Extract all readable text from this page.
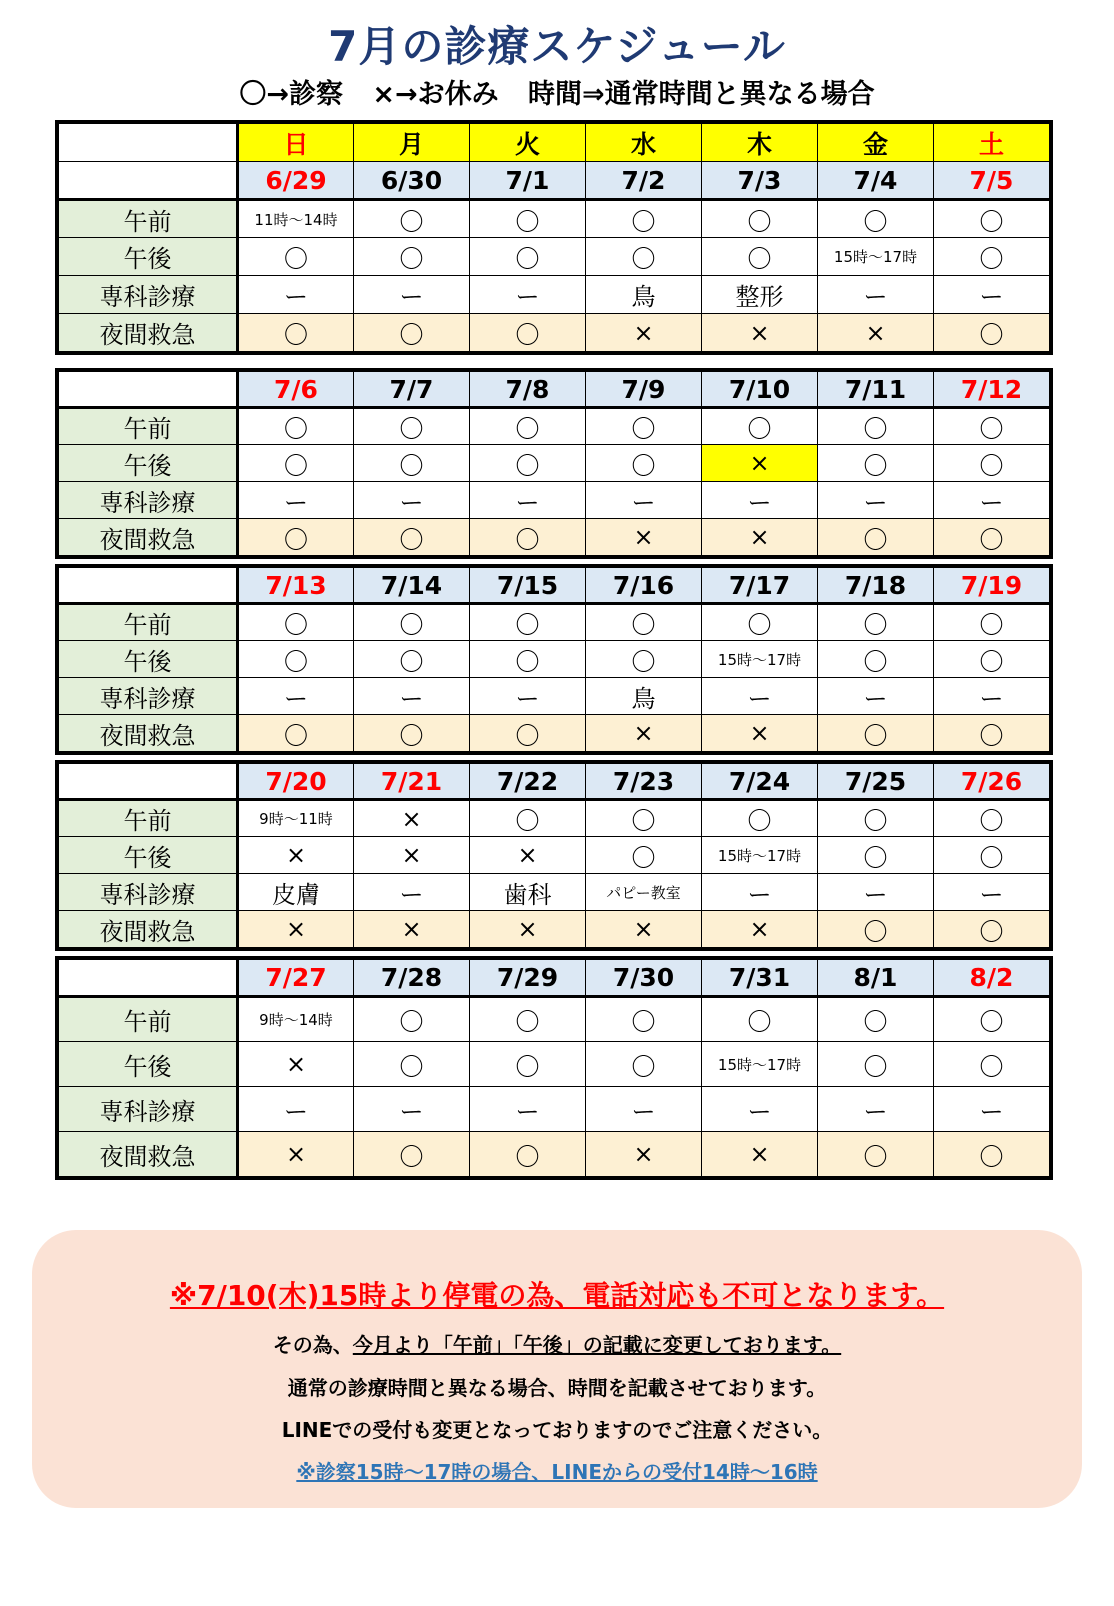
7月の診療スケジュール
〇→診察 ×→お休み 時間⇒通常時間と異なる場合
	日	月	火	水	木	金	土
	6/29	6/30	7/1	7/2	7/3	7/4	7/5
午前	11時～14時	〇	〇	〇	〇	〇	〇
午後	〇	〇	〇	〇	〇	15時～17時	〇
専科診療	ー	ー	ー	鳥	整形	ー	ー
夜間救急	〇	〇	〇	×	×	×	〇
	7/6	7/7	7/8	7/9	7/10	7/11	7/12
午前	〇	〇	〇	〇	〇	〇	〇
午後	〇	〇	〇	〇	×	〇	〇
専科診療	ー	ー	ー	ー	ー	ー	ー
夜間救急	〇	〇	〇	×	×	〇	〇
	7/13	7/14	7/15	7/16	7/17	7/18	7/19
午前	〇	〇	〇	〇	〇	〇	〇
午後	〇	〇	〇	〇	15時～17時	〇	〇
専科診療	ー	ー	ー	鳥	ー	ー	ー
夜間救急	〇	〇	〇	×	×	〇	〇
	7/20	7/21	7/22	7/23	7/24	7/25	7/26
午前	9時～11時	×	〇	〇	〇	〇	〇
午後	×	×	×	〇	15時～17時	〇	〇
専科診療	皮膚	ー	歯科	パピー教室	ー	ー	ー
夜間救急	×	×	×	×	×	〇	〇
	7/27	7/28	7/29	7/30	7/31	8/1	8/2
午前	9時～14時	〇	〇	〇	〇	〇	〇
午後	×	〇	〇	〇	15時～17時	〇	〇
専科診療	ー	ー	ー	ー	ー	ー	ー
夜間救急	×	〇	〇	×	×	〇	〇
※7/10(木)15時より停電の為、電話対応も不可となります。
その為、今月より「午前」「午後」の記載に変更しております。
通常の診療時間と異なる場合、時間を記載させております。
LINEでの受付も変更となっておりますのでご注意ください。
※診察15時～17時の場合、LINEからの受付14時～16時
